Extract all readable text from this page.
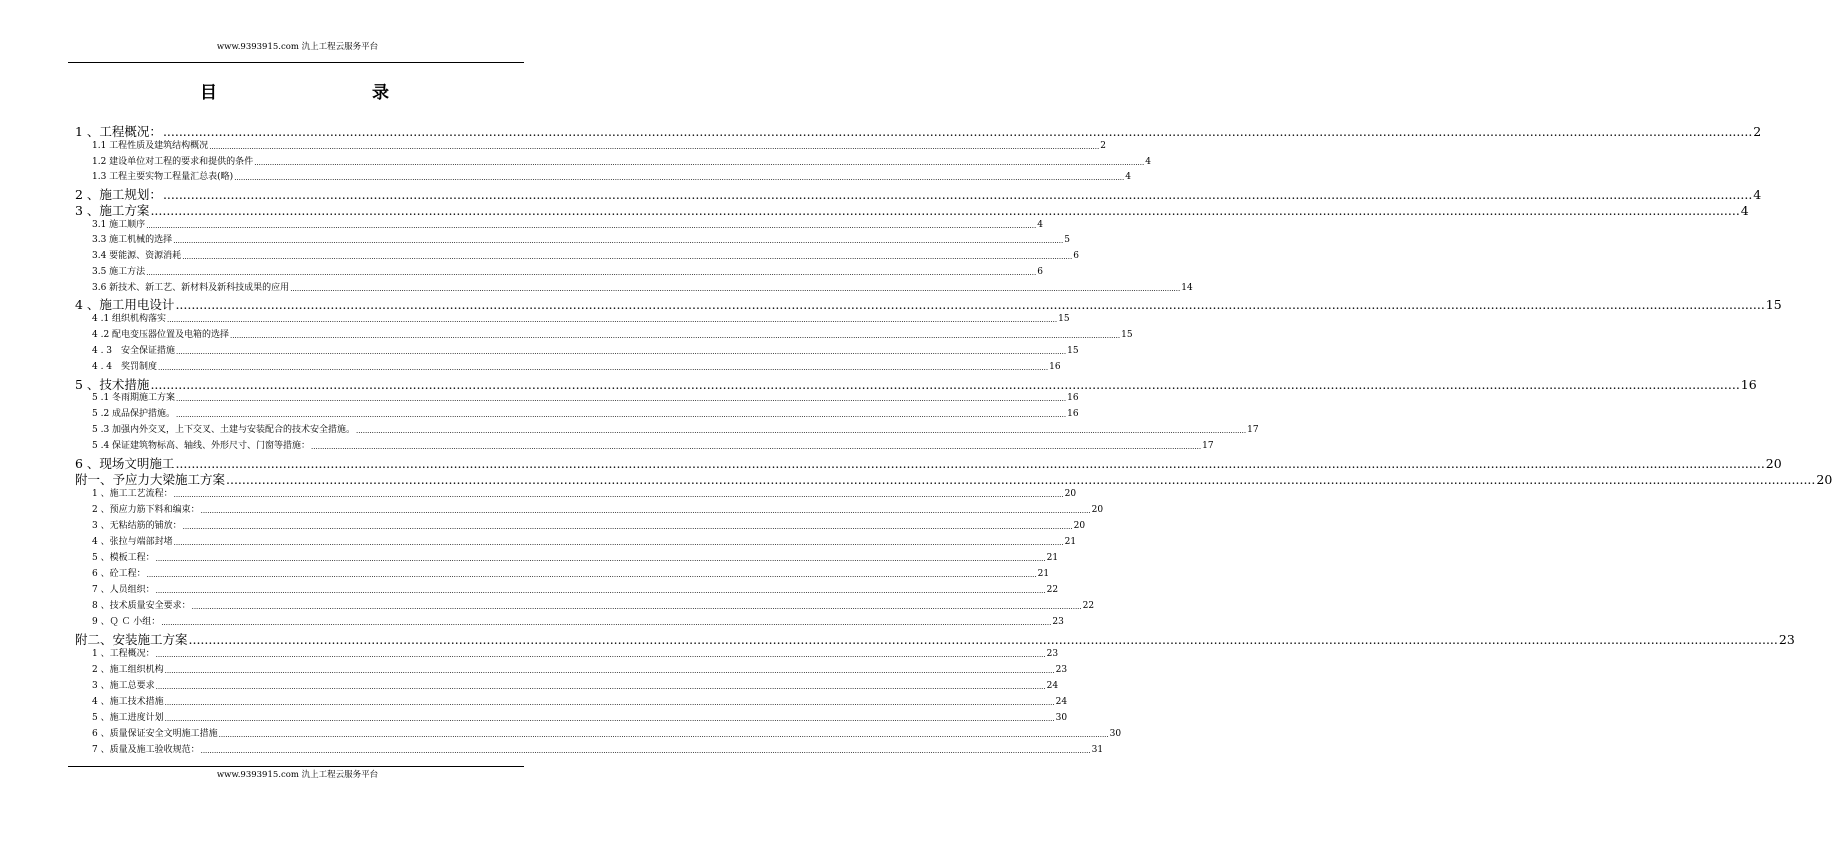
www.9393915.com 氿上工程云服务平台
目	录
1 、工程概况： ................................................................................................................................................................................................................................................................................................................................................................................................................ 2
1.1 工程性质及建筑结构概况 ................................................................................................................................................................................................................................................................................................................................................................................................................ 2
1.2 建设单位对工程的要求和提供的条件 ................................................................................................................................................................................................................................................................................................................................................................................................................ 4
1.3 工程主要实物工程量汇总表(略) ................................................................................................................................................................................................................................................................................................................................................................................................................ 4
2 、施工规划： ................................................................................................................................................................................................................................................................................................................................................................................................................ 4
3 、施工方案 ................................................................................................................................................................................................................................................................................................................................................................................................................ 4
3.1 施工顺序 ................................................................................................................................................................................................................................................................................................................................................................................................................ 4
3.3 施工机械的选择 ................................................................................................................................................................................................................................................................................................................................................................................................................ 5
3.4 要能源、资源消耗 ................................................................................................................................................................................................................................................................................................................................................................................................................ 6
3.5 施工方法 ................................................................................................................................................................................................................................................................................................................................................................................................................ 6
3.6 新技术、新工艺、新材料及新科技成果的应用 ................................................................................................................................................................................................................................................................................................................................................................................................................ 14
4 、施工用电设计 ................................................................................................................................................................................................................................................................................................................................................................................................................ 15
4 .1 组织机构落实 ................................................................................................................................................................................................................................................................................................................................................................................................................ 15
4 .2 配电变压器位置及电箱的选择 ................................................................................................................................................................................................................................................................................................................................................................................................................ 15
4 . 3　安全保证措施 ................................................................................................................................................................................................................................................................................................................................................................................................................ 15
4 . 4　奖罚制度 ................................................................................................................................................................................................................................................................................................................................................................................................................ 16
5 、技术措施 ................................................................................................................................................................................................................................................................................................................................................................................................................ 16
5 .1 冬雨期施工方案 ................................................................................................................................................................................................................................................................................................................................................................................................................ 16
5 .2 成品保护措施。 ................................................................................................................................................................................................................................................................................................................................................................................................................ 16
5 .3 加强内外交叉，上下交叉、土建与安装配合的技术安全措施。 ................................................................................................................................................................................................................................................................................................................................................................................................................ 17
5 .4 保证建筑物标高、轴线、外形尺寸、门窗等措施： ................................................................................................................................................................................................................................................................................................................................................................................................................ 17
6 、现场文明施工 ................................................................................................................................................................................................................................................................................................................................................................................................................ 20
附一、予应力大梁施工方案 ................................................................................................................................................................................................................................................................................................................................................................................................................ 20
1 、施工工艺流程： ................................................................................................................................................................................................................................................................................................................................................................................................................ 20
2 、预应力筋下料和编束： ................................................................................................................................................................................................................................................................................................................................................................................................................ 20
3 、无粘结筋的铺放： ................................................................................................................................................................................................................................................................................................................................................................................................................ 20
4 、张拉与端部封堵 ................................................................................................................................................................................................................................................................................................................................................................................................................ 21
5 、模板工程： ................................................................................................................................................................................................................................................................................................................................................................................................................ 21
6 、砼工程： ................................................................................................................................................................................................................................................................................................................................................................................................................ 21
7 、人员组织： ................................................................................................................................................................................................................................................................................................................................................................................................................ 22
8 、技术质量安全要求： ................................................................................................................................................................................................................................................................................................................................................................................................................ 22
9 、Ｑ Ｃ 小组： ................................................................................................................................................................................................................................................................................................................................................................................................................ 23
附二、安装施工方案 ................................................................................................................................................................................................................................................................................................................................................................................................................ 23
1 、工程概况： ................................................................................................................................................................................................................................................................................................................................................................................................................ 23
2 、施工组织机构 ................................................................................................................................................................................................................................................................................................................................................................................................................ 23
3 、施工总要求 ................................................................................................................................................................................................................................................................................................................................................................................................................ 24
4 、施工技术措施 ................................................................................................................................................................................................................................................................................................................................................................................................................ 24
5 、施工进度计划 ................................................................................................................................................................................................................................................................................................................................................................................................................ 30
6 、质量保证安全文明施工措施 ................................................................................................................................................................................................................................................................................................................................................................................................................ 30
7 、质量及施工验收规范： ................................................................................................................................................................................................................................................................................................................................................................................................................ 31
www.9393915.com 氿上工程云服务平台
